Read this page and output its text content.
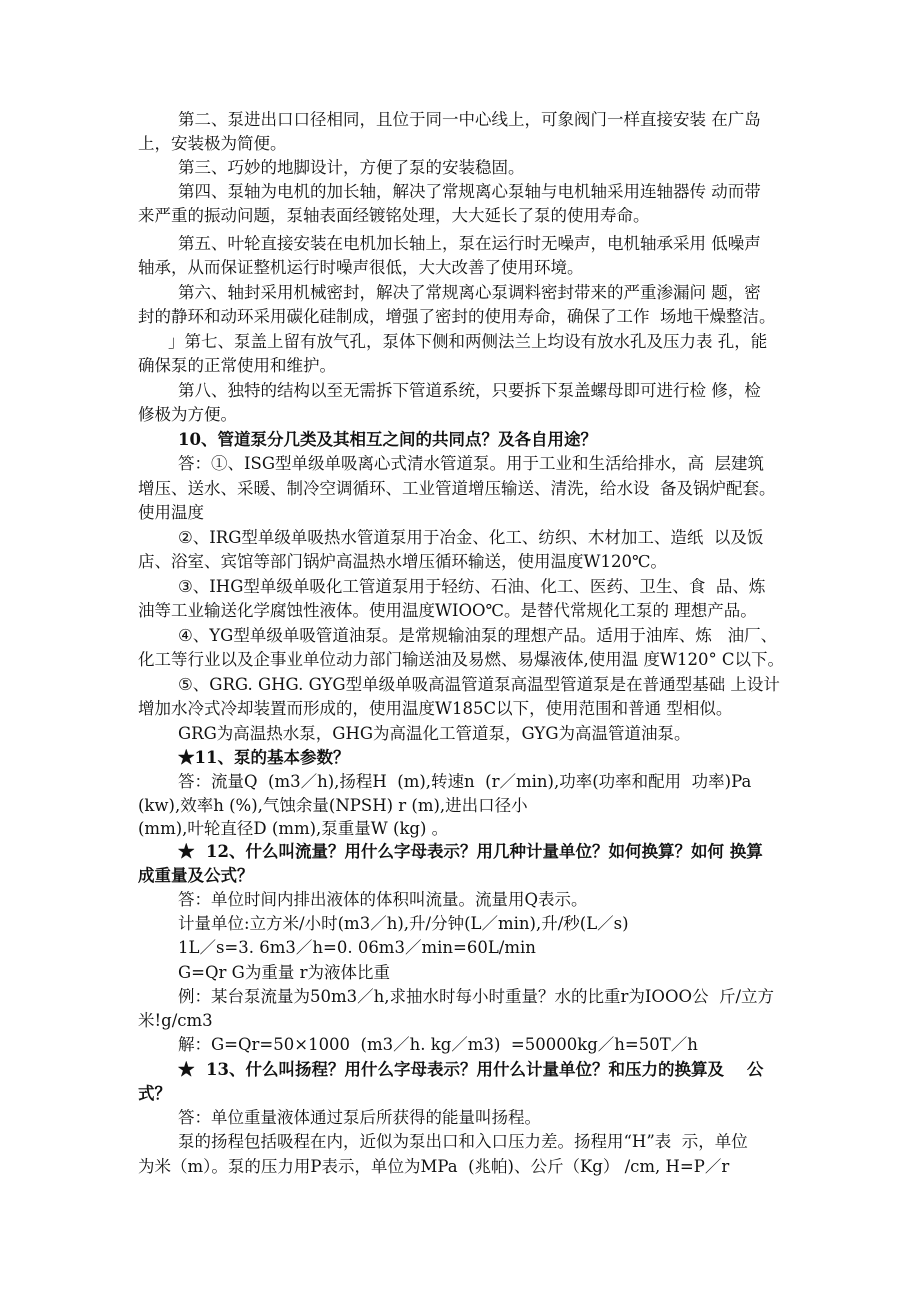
第二、泵进出口口径相同，且位于同一中心线上，可象阀门一样直接安装 在广岛
上，安装极为简便。
第三、巧妙的地脚设计，方便了泵的安装稳固。
第四、泵轴为电机的加长轴，解决了常规离心泵轴与电机轴采用连轴器传 动而带
来严重的振动问题，泵轴表面经镀铭处理，大大延长了泵的使用寿命。
第五、叶轮直接安装在电机加长轴上，泵在运行时无噪声，电机轴承采用 低噪声
轴承，从而保证整机运行时噪声很低，大大改善了使用环境。
第六、轴封采用机械密封，解决了常规离心泵调料密封带来的严重渗漏问 题，密
封的静环和动环采用碳化硅制成，增强了密封的使用寿命，确保了工作  场地干燥整洁。
」第七、泵盖上留有放气孔，泵体下侧和两侧法兰上均设有放水孔及压力表 孔，能
确保泵的正常使用和维护。
第八、独特的结构以至无需拆下管道系统，只要拆下泵盖螺母即可进行检 修，检
修极为方便。
10、管道泵分几类及其相互之间的共同点？及各自用途？
答：①、ISG型单级单吸离心式清水管道泵。用于工业和生活给排水，高  层建筑
增压、送水、采暖、制冷空调循环、工业管道增压输送、清洗，给水设  备及锅炉配套。
使用温度
②、IRG型单级单吸热水管道泵用于冶金、化工、纺织、木材加工、造纸  以及饭
店、浴室、宾馆等部门锅炉高温热水增压循环输送，使用温度W120℃。
③、IHG型单级单吸化工管道泵用于轻纺、石油、化工、医药、卫生、食  品、炼
油等工业输送化学腐蚀性液体。使用温度WIOO℃。是替代常规化工泵的 理想产品。
④、YG型单级单吸管道油泵。是常规输油泵的理想产品。适用于油库、炼   油厂、
化工等行业以及企事业单位动力部门输送油及易燃、易爆液体,使用温 度W120° C以下。
⑤、GRG. GHG. GYG型单级单吸高温管道泵高温型管道泵是在普通型基础 上设计
增加水冷式冷却装置而形成的，使用温度W185C以下，使用范围和普通 型相似。
GRG为高温热水泵，GHG为高温化工管道泵，GYG为高温管道油泵。
★11、泵的基本参数？
答：流量Q  (m3／h),扬程H  (m),转速n  (r／min),功率(功率和配用  功率)Pa
(kw),效率h (%),气蚀余量(NPSH) r (m),进出口径小
(mm),叶轮直径D (mm),泵重量W (kg) 。
★  12、什么叫流量？用什么字母表示？用几种计量单位？如何换算？如何 换算
成重量及公式？
答：单位时间内排出液体的体积叫流量。流量用Q表示。
计量单位:立方米/小时(m3／h),升/分钟(L／min),升/秒(L／s)
1L／s=3. 6m3／h=0. 06m3／min=60L/min
G=Qr G为重量 r为液体比重
例：某台泵流量为50m3／h,求抽水时每小时重量？水的比重r为IOOO公  斤/立方
米!g/cm3
解：G=Qr=50×1000  (m3／h. kg／m3)  =50000kg／h=50T／h
★  13、什么叫扬程？用什么字母表示？用什么计量单位？和压力的换算及    公
式？
答：单位重量液体通过泵后所获得的能量叫扬程。
泵的扬程包括吸程在内，近似为泵出口和入口压力差。扬程用“H”表  示，单位
为米（m）。泵的压力用P表示，单位为MPa  (兆帕)、公斤（Kg） /cm, H=P／r
